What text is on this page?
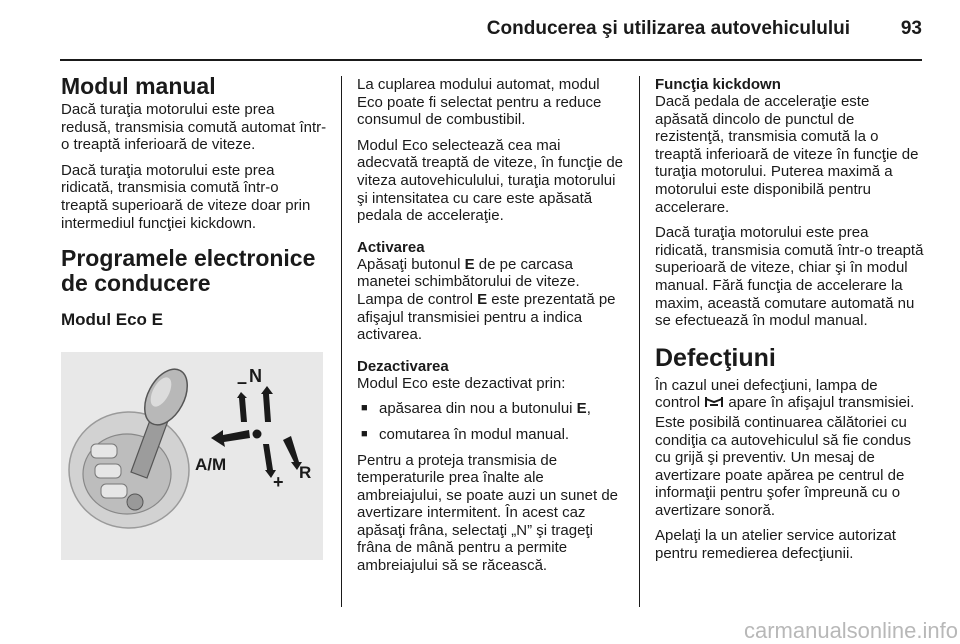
Conducerea şi utilizarea autovehiculului	93
Modul manual

Dacă turaţia motorului este prea redusă, transmisia comută automat într-o treaptă inferioară de viteze.

Dacă turaţia motorului este prea ridicată, transmisia comută într-o treaptă superioară de viteze doar prin intermediul funcţiei kickdown.

Programele electronice de conducere
Modul Eco E
– N
A/M
+ R

La cuplarea modului automat, modul Eco poate fi selectat pentru a reduce consumul de combustibil.

Modul Eco selectează cea mai adecvată treaptă de viteze, în funcţie de viteza autovehiculului, turaţia motorului şi intensitatea cu care este apăsată pedala de acceleraţie.

Activarea

Apăsaţi butonul E de pe carcasa manetei schimbătorului de viteze. Lampa de control E este prezentată pe afişajul transmisiei pentru a indica activarea.

Dezactivarea

Modul Eco este dezactivat prin:

■ apăsarea din nou a butonului E,
■ comutarea în modul manual.

Pentru a proteja transmisia de temperaturile prea înalte ale ambreiajului, se poate auzi un sunet de avertizare intermitent. În acest caz apăsaţi frâna, selectaţi „N” şi trageţi frâna de mână pentru a permite ambreiajului să se răcească.

Funcţia kickdown

Dacă pedala de acceleraţie este apăsată dincolo de punctul de rezistenţă, transmisia comută la o treaptă inferioară de viteze în funcţie de turaţia motorului. Puterea maximă a motorului este disponibilă pentru accelerare.

Dacă turaţia motorului este prea ridicată, transmisia comută într-o treaptă superioară de viteze, chiar şi în modul manual. Fără funcţia de accelerare la maxim, această comutare automată nu se efectuează în modul manual.

Defecţiuni

În cazul unei defecţiuni, lampa de control  apare în afişajul transmisiei. Este posibilă continuarea călătoriei cu condiţia ca autovehiculul să fie condus cu grijă şi preventiv. Un mesaj de avertizare poate apărea pe centrul de informaţii pentru şofer împreună cu o avertizare sonoră.

Apelaţi la un atelier service autorizat pentru remedierea defecţiunii.

carmanualsonline.info
